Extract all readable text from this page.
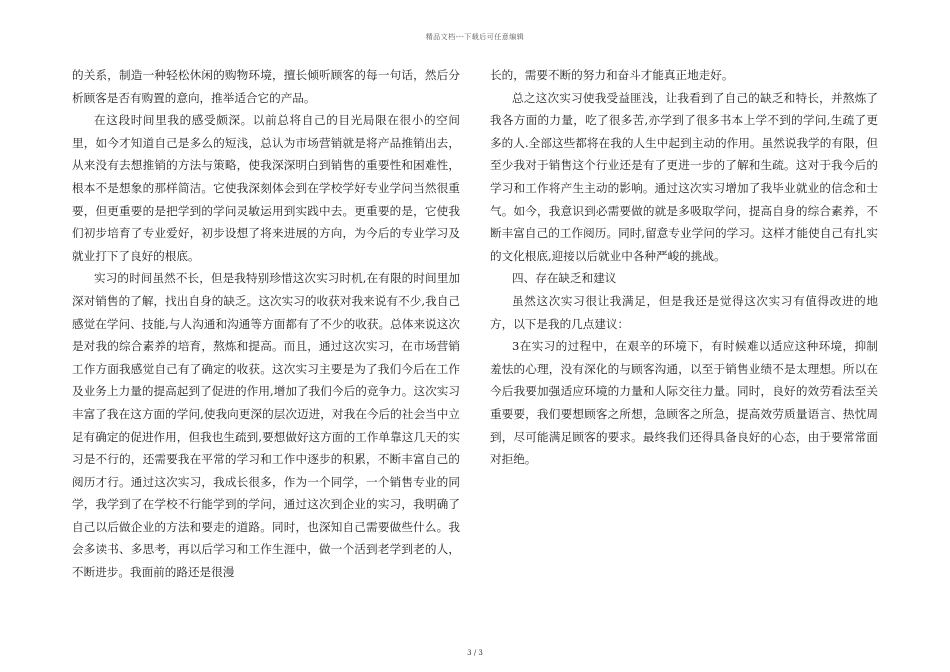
精品文档---下载后可任意编辑

的关系，制造一种轻松休闲的购物环境，擅长倾听顾客的每一句话，然后分析顾客是否有购置的意向，推举适合它的产品。

在这段时间里我的感受颇深。以前总将自己的目光局限在很小的空间里，如今才知道自己是多么的短浅，总认为市场营销就是将产品推销出去，从来没有去想推销的方法与策略，使我深深明白到销售的重要性和困难性，根本不是想象的那样简洁。它使我深刻体会到在学校学好专业学问当然很重要，但更重要的是把学到的学问灵敏运用到实践中去。更重要的是，它使我们初步培育了专业爱好，初步设想了将来进展的方向，为今后的专业学习及就业打下了良好的根底。

实习的时间虽然不长，但是我特别珍惜这次实习时机,在有限的时间里加深对销售的了解，找出自身的缺乏。这次实习的收获对我来说有不少,我自己感觉在学问、技能,与人沟通和沟通等方面都有了不少的收获。总体来说这次是对我的综合素养的培育，熬炼和提高。而且，通过这次实习，在市场营销工作方面我感觉自己有了确定的收获。这次实习主要是为了我们今后在工作及业务上力量的提高起到了促进的作用,增加了我们今后的竞争力。这次实习丰富了我在这方面的学问,使我向更深的层次迈进，对我在今后的社会当中立足有确定的促进作用，但我也生疏到,要想做好这方面的工作单靠这几天的实习是不行的，还需要我在平常的学习和工作中逐步的积累，不断丰富自己的阅历才行。通过这次实习，我成长很多，作为一个同学，一个销售专业的同学，我学到了在学校不行能学到的学问，通过这次到企业的实习，我明确了自己以后做企业的方法和要走的道路。同时，也深知自己需要做些什么。我会多读书、多思考，再以后学习和工作生涯中，做一个活到老学到老的人，不断进步。我面前的路还是很漫

长的，需要不断的努力和奋斗才能真正地走好。

总之这次实习使我受益匪浅，让我看到了自己的缺乏和特长，并熬炼了我各方面的力量，吃了很多苦,亦学到了很多书本上学不到的学问,生疏了更多的人.全部这些都将在我的人生中起到主动的作用。虽然说我学的有限，但至少我对于销售这个行业还是有了更进一步的了解和生疏。这对于我今后的学习和工作将产生主动的影响。通过这次实习增加了我毕业就业的信念和士气。如今，我意识到必需要做的就是多吸取学问，提高自身的综合素养，不断丰富自己的工作阅历。同时,留意专业学问的学习。这样才能使自己有扎实的文化根底,迎接以后就业中各种严峻的挑战。

四、存在缺乏和建议

虽然这次实习很让我满足，但是我还是觉得这次实习有值得改进的地方，以下是我的几点建议：

3在实习的过程中，在艰辛的环境下，有时候难以适应这种环境，抑制羞怯的心理，没有深化的与顾客沟通，以至于销售业绩不是太理想。所以在今后我要加强适应环境的力量和人际交往力量。同时，良好的效劳看法至关重要要，我们要想顾客之所想，急顾客之所急，提高效劳质量语言、热忱周到，尽可能满足顾客的要求。最终我们还得具备良好的心态，由于要常常面对拒绝。

3 / 3
